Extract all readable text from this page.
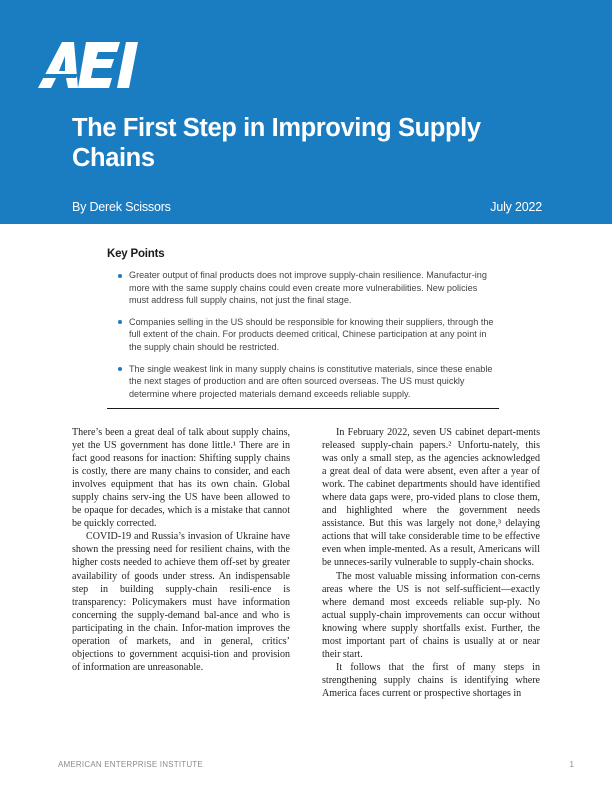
The First Step in Improving Supply Chains
By Derek Scissors	July 2022
Key Points
Greater output of final products does not improve supply-chain resilience. Manufactur-ing more with the same supply chains could even create more vulnerabilities. New policies must address full supply chains, not just the final stage.
Companies selling in the US should be responsible for knowing their suppliers, through the full extent of the chain. For products deemed critical, Chinese participation at any point in the supply chain should be restricted.
The single weakest link in many supply chains is constitutive materials, since these enable the next stages of production and are often sourced overseas. The US must quickly determine where projected materials demand exceeds reliable supply.

There’s been a great deal of talk about supply chains, yet the US government has done little.¹ There are in fact good reasons for inaction: Shifting supply chains is costly, there are many chains to consider, and each involves equipment that has its own chain. Global supply chains serv-ing the US have been allowed to be opaque for decades, which is a mistake that cannot be quickly corrected.

COVID-19 and Russia’s invasion of Ukraine have shown the pressing need for resilient chains, with the higher costs needed to achieve them off-set by greater availability of goods under stress. An indispensable step in building supply-chain resili-ence is transparency: Policymakers must have information concerning the supply-demand bal-ance and who is participating in the chain. Infor-mation improves the operation of markets, and in general, critics’ objections to government acquisi-tion and provision of information are unreasonable.

In February 2022, seven US cabinet depart-ments released supply-chain papers.² Unfortu-nately, this was only a small step, as the agencies acknowledged a great deal of data were absent, even after a year of work. The cabinet departments should have identified where data gaps were, pro-vided plans to close them, and highlighted where the government needs assistance. But this was largely not done,³ delaying actions that will take considerable time to be effective even when imple-mented. As a result, Americans will be unneces-sarily vulnerable to supply-chain shocks.

The most valuable missing information con-cerns areas where the US is not self-sufficient—exactly where demand most exceeds reliable sup-ply. No actual supply-chain improvements can occur without knowing where supply shortfalls exist. Further, the most important part of chains is usually at or near their start.

It follows that the first of many steps in strengthening supply chains is identifying where America faces current or prospective shortages in

AMERICAN ENTERPRISE INSTITUTE	1
